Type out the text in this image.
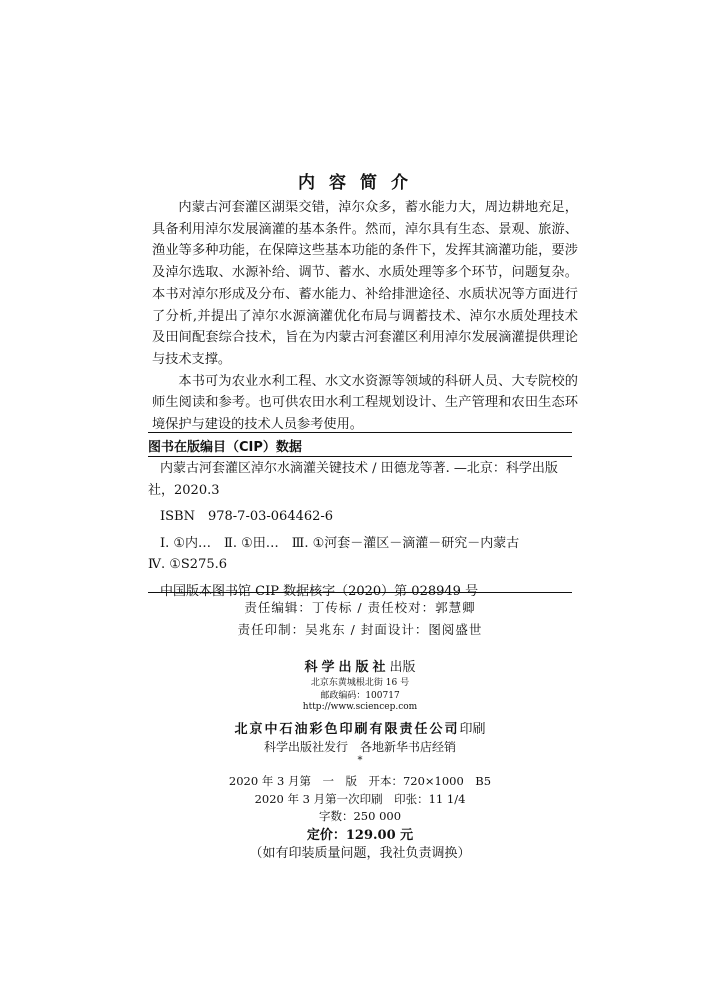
内容简介

内蒙古河套灌区湖渠交错，淖尔众多，蓄水能力大，周边耕地充足，具备利用淖尔发展滴灌的基本条件。然而，淖尔具有生态、景观、旅游、渔业等多种功能，在保障这些基本功能的条件下，发挥其滴灌功能，要涉及淖尔选取、水源补给、调节、蓄水、水质处理等多个环节，问题复杂。本书对淖尔形成及分布、蓄水能力、补给排泄途径、水质状况等方面进行了分析,并提出了淖尔水源滴灌优化布局与调蓄技术、淖尔水质处理技术及田间配套综合技术，旨在为内蒙古河套灌区利用淖尔发展滴灌提供理论与技术支撑。

本书可为农业水利工程、水文水资源等领域的科研人员、大专院校的师生阅读和参考。也可供农田水利工程规划设计、生产管理和农田生态环境保护与建设的技术人员参考使用。

图书在版编目（CIP）数据
内蒙古河套灌区淖尔水滴灌关键技术 / 田德龙等著. —北京：科学出版
社，2020.3
ISBN　978-7-03-064462-6
Ⅰ. ①内…　Ⅱ. ①田…　Ⅲ. ①河套－灌区－滴灌－研究－内蒙古
Ⅳ. ①S275.6
中国版本图书馆 CIP 数据核字（2020）第 028949 号
责任编辑：丁传标 / 责任校对：郭慧卿
责任印制：吴兆东 / 封面设计：图阅盛世
科学出版社出版
北京东黄城根北街 16 号
邮政编码：100717
http://www.sciencep.com
北京中石油彩色印刷有限责任公司印刷
科学出版社发行　各地新华书店经销
*
2020 年 3 月第　一　版　开本：720×1000　B5
2020 年 3 月第一次印刷　印张：11 1/4
字数：250 000
定价：129.00 元
（如有印装质量问题，我社负责调换）
